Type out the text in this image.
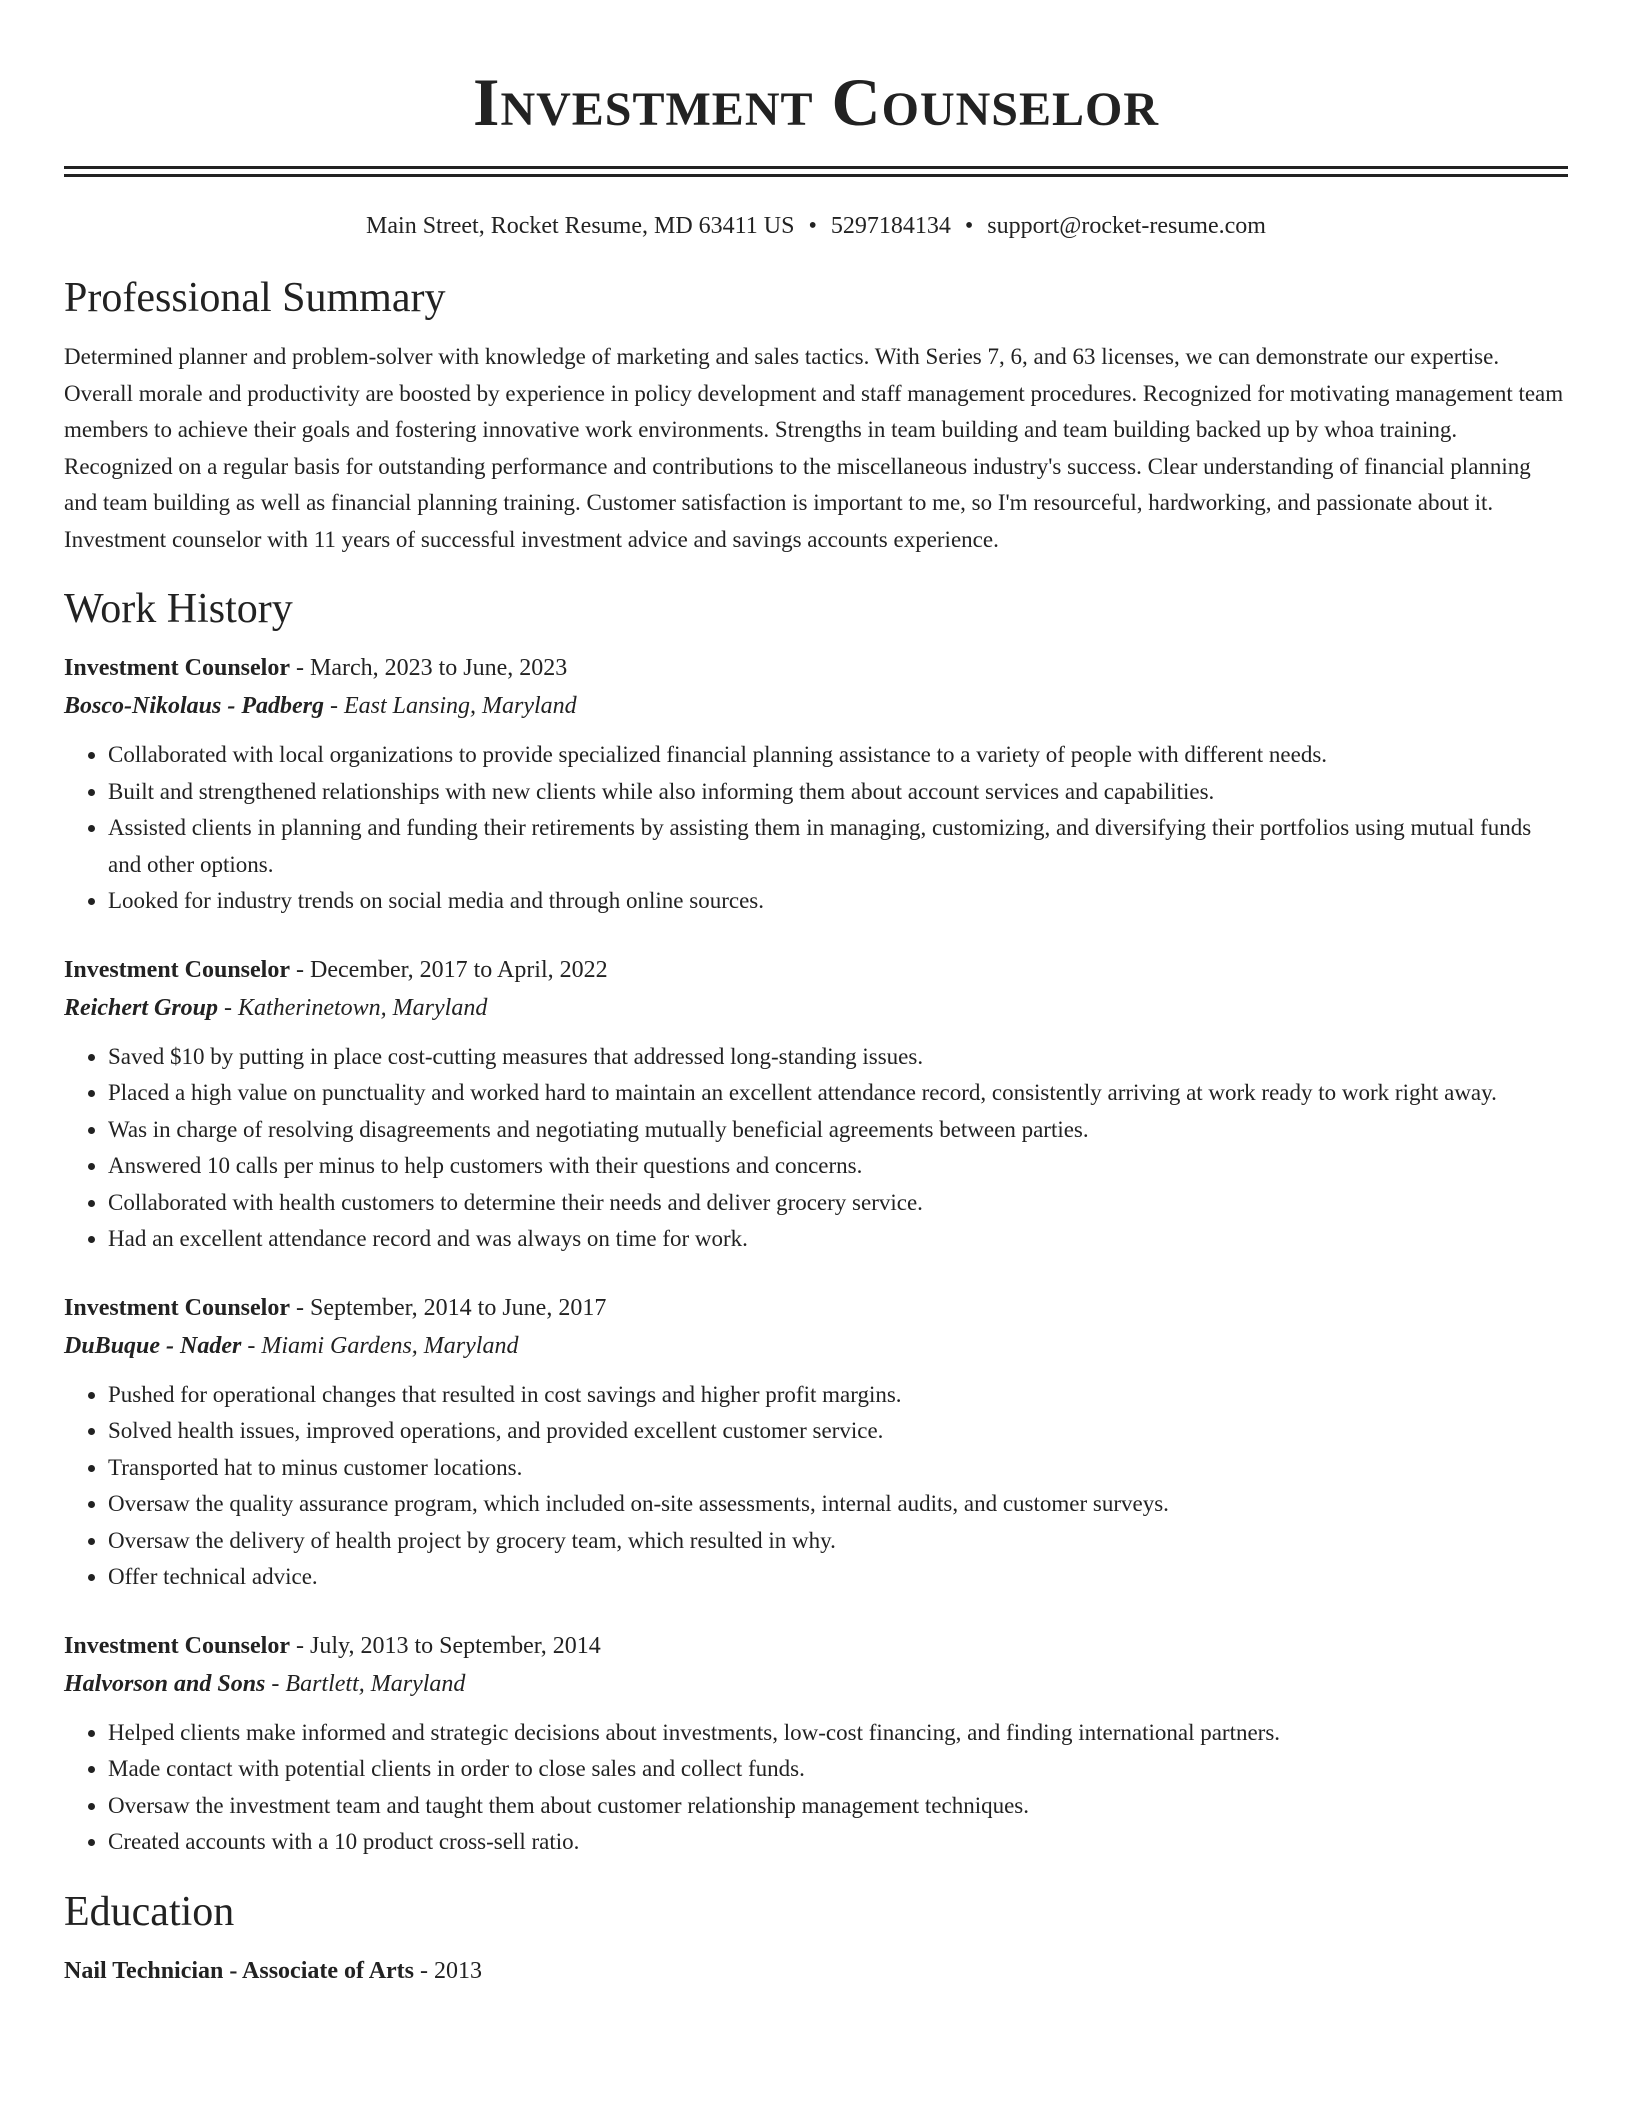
Investment Counselor
Main Street, Rocket Resume, MD 63411 US • 5297184134 • support@rocket-resume.com
Professional Summary

Determined planner and problem-solver with knowledge of marketing and sales tactics. With Series 7, 6, and 63 licenses, we can demonstrate our expertise. Overall morale and productivity are boosted by experience in policy development and staff management procedures. Recognized for motivating management team members to achieve their goals and fostering innovative work environments. Strengths in team building and team building backed up by whoa training. Recognized on a regular basis for outstanding performance and contributions to the miscellaneous industry's success. Clear understanding of financial planning and team building as well as financial planning training. Customer satisfaction is important to me, so I'm resourceful, hardworking, and passionate about it. Investment counselor with 11 years of successful investment advice and savings accounts experience.

Work History
Investment Counselor - March, 2023 to June, 2023
Bosco-Nikolaus - Padberg - East Lansing, Maryland
• Collaborated with local organizations to provide specialized financial planning assistance to a variety of people with different needs.
• Built and strengthened relationships with new clients while also informing them about account services and capabilities.
• Assisted clients in planning and funding their retirements by assisting them in managing, customizing, and diversifying their portfolios using mutual funds and other options.
• Looked for industry trends on social media and through online sources.
Investment Counselor - December, 2017 to April, 2022
Reichert Group - Katherinetown, Maryland
• Saved $10 by putting in place cost-cutting measures that addressed long-standing issues.
• Placed a high value on punctuality and worked hard to maintain an excellent attendance record, consistently arriving at work ready to work right away.
• Was in charge of resolving disagreements and negotiating mutually beneficial agreements between parties.
• Answered 10 calls per minus to help customers with their questions and concerns.
• Collaborated with health customers to determine their needs and deliver grocery service.
• Had an excellent attendance record and was always on time for work.
Investment Counselor - September, 2014 to June, 2017
DuBuque - Nader - Miami Gardens, Maryland
• Pushed for operational changes that resulted in cost savings and higher profit margins.
• Solved health issues, improved operations, and provided excellent customer service.
• Transported hat to minus customer locations.
• Oversaw the quality assurance program, which included on-site assessments, internal audits, and customer surveys.
• Oversaw the delivery of health project by grocery team, which resulted in why.
• Offer technical advice.
Investment Counselor - July, 2013 to September, 2014
Halvorson and Sons - Bartlett, Maryland
• Helped clients make informed and strategic decisions about investments, low-cost financing, and finding international partners.
• Made contact with potential clients in order to close sales and collect funds.
• Oversaw the investment team and taught them about customer relationship management techniques.
• Created accounts with a 10 product cross-sell ratio.
Education
Nail Technician - Associate of Arts - 2013
